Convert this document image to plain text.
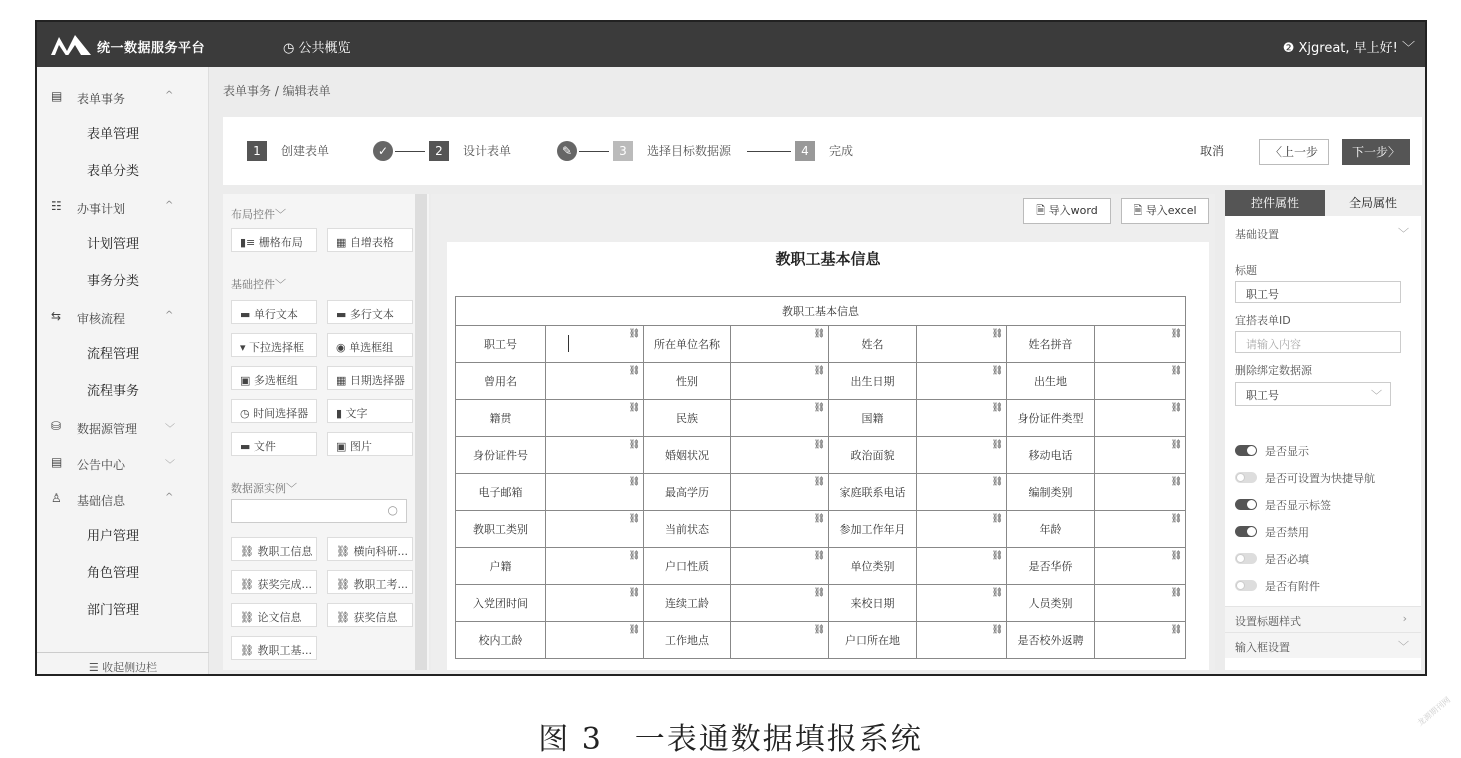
统一数据服务平台	◷ 公共概览	❷ Xjgreat, 早上好! ﹀
▤ 表单事务	^
表单管理
表单分类
☷ 办事计划	^
计划管理
事务分类
⇆	审核流程	^
流程管理
流程事务
⛁	数据源管理	﹀
▤ 公告中心	﹀
♙ 基础信息	^
用户管理
角色管理
部门管理
☰ 收起侧边栏
表单事务 / 编辑表单
1 创建表单	✓	2 设计表单	✎	3 选择目标数据源	4 完成	取消	〈上一步	下一步〉
布局控件﹀
▮≡ 栅格布局	▦ 自增表格
基础控件﹀
▬ 单行文本	▬ 多行文本
▾ 下拉选择框	◉ 单选框组
▣ 多选框组	▦ 日期选择器
◷ 时间选择器	▮ 文字
▬ 文件	▣ 图片
数据源实例﹀
○
⛓ 教职工信息	⛓ 横向科研...
⛓ 获奖完成...	⛓ 教职工考...
⛓ 论文信息	⛓ 获奖信息
⛓ 教职工基...
🗎 导入word	🗎 导入excel
教职工基本信息
教职工基本信息							
职工号	⛓	所在单位名称	⛓	姓名	⛓	姓名拼音	⛓

曾用名	⛓	性别	⛓	出生日期	⛓	出生地	⛓

籍贯	⛓	民族	⛓	国籍	⛓	身份证件类型	⛓

身份证件号	⛓	婚姻状况	⛓	政治面貌	⛓	移动电话	⛓

电子邮箱	⛓	最高学历	⛓	家庭联系电话	⛓	编制类别	⛓

教职工类别	⛓	当前状态	⛓	参加工作年月	⛓	年龄	⛓

户籍	⛓	户口性质	⛓	单位类别	⛓	是否华侨	⛓

入党团时间	⛓	连续工龄	⛓	来校日期	⛓	人员类别	⛓

校内工龄	⛓	工作地点	⛓	户口所在地	⛓	是否校外返聘	⛓
控件属性	全局属性
基础设置	﹀
标题
职工号
宜搭表单ID
请输入内容
删除绑定数据源
职工号	﹀
是否显示
是否可设置为快捷导航
是否显示标签
是否禁用
是否必填
是否有附件
设置标题样式	›
输入框设置	﹀
图 3　一表通数据填报系统
龙源期刊网
